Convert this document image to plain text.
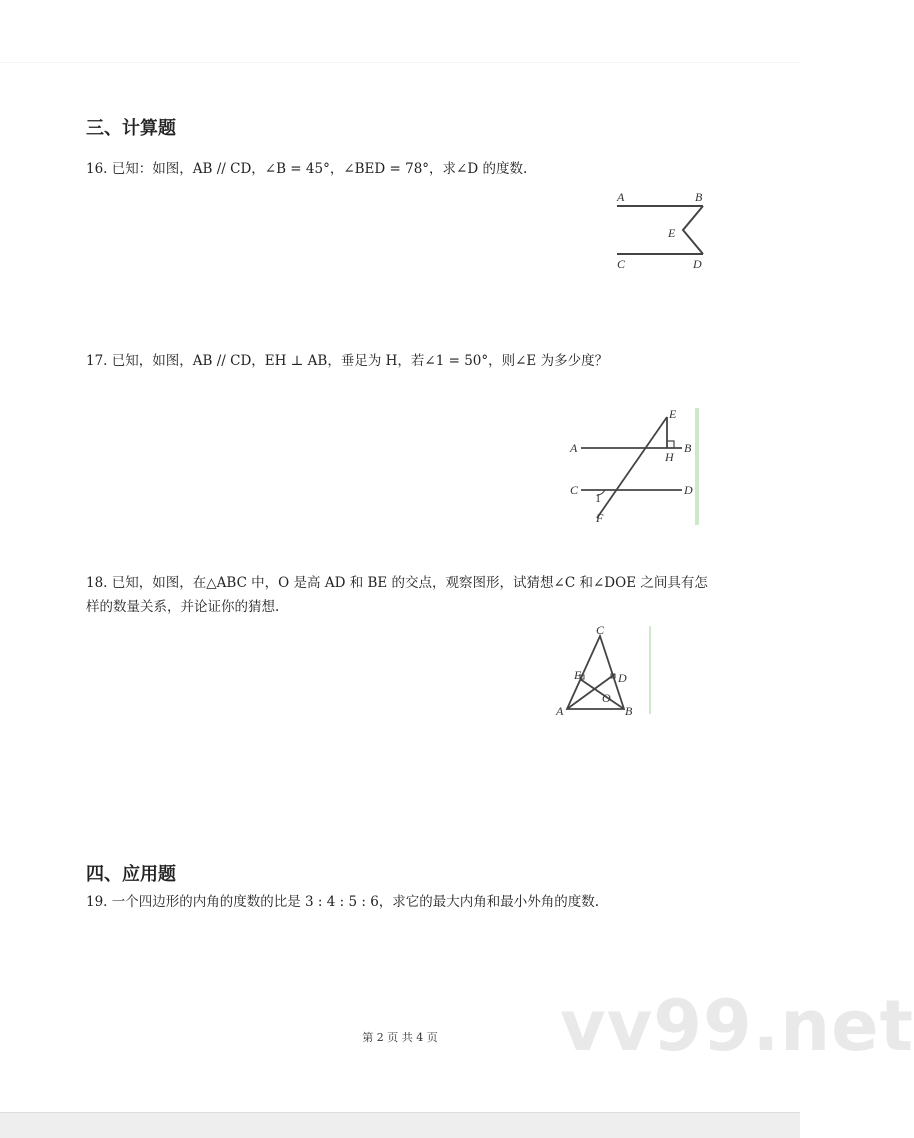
三、计算题
16. 已知：如图，AB // CD，∠B = 45°，∠BED = 78°，求∠D 的度数.
A	B
E
C	D
17. 已知，如图，AB // CD，EH ⊥ AB，垂足为 H，若∠1 = 50°，则∠E 为多少度？
A	B
C	D
E
H
F
1
18. 已知，如图，在△ABC 中，O 是高 AD 和 BE 的交点，观察图形，试猜想∠C 和∠DOE 之间具有怎样的数量关系，并论证你的猜想.
C
E	D
O
A	B
四、应用题
19. 一个四边形的内角的度数的比是 3 : 4 : 5 : 6，求它的最大内角和最小外角的度数.
vv99.net
第 2 页 共 4 页
